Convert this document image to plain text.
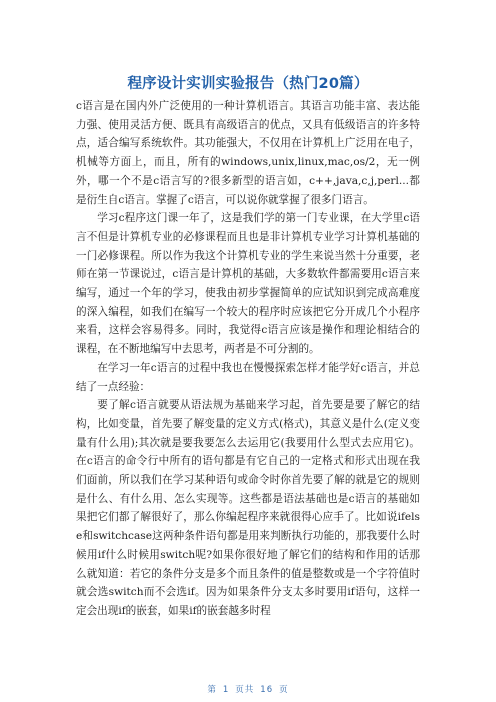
程序设计实训实验报告（热门20篇）

c语言是在国内外广泛使用的一种计算机语言。其语言功能丰富、表达能力强、使用灵活方便、既具有高级语言的优点，又具有低级语言的许多特点，适合编写系统软件。其功能强大，不仅用在计算机上广泛用在电子，机械等方面上，而且，所有的windows,unix,linux,mac,os/2，无一例外，哪一个不是c语言写的?很多新型的语言如，c++,java,c,j,perl...都是衍生自c语言。掌握了c语言，可以说你就掌握了很多门语言。

学习c程序这门课一年了，这是我们学的第一门专业课，在大学里c语言不但是计算机专业的必修课程而且也是非计算机专业学习计算机基础的一门必修课程。所以作为我这个计算机专业的学生来说当然十分重要，老师在第一节课说过，c语言是计算机的基础，大多数软件都需要用c语言来编写，通过一个年的学习，使我由初步掌握简单的应试知识到完成高难度的深入编程，如我们在编写一个较大的程序时应该把它分开成几个小程序来看，这样会容易得多。同时，我觉得c语言应该是操作和理论相结合的课程，在不断地编写中去思考，两者是不可分割的。

在学习一年c语言的过程中我也在慢慢探索怎样才能学好c语言，并总结了一点经验：

要了解c语言就要从语法规为基础来学习起，首先要是要了解它的结构，比如变量，首先要了解变量的定义方式(格式)，其意义是什么(定义变量有什么用);其次就是要我要怎么去运用它(我要用什么型式去应用它)。在c语言的命令行中所有的语句都是有它自己的一定格式和形式出现在我们面前，所以我们在学习某种语句或命令时你首先要了解的就是它的规则是什么、有什么用、怎么实现等。这些都是语法基础也是c语言的基础如果把它们都了解很好了，那么你编起程序来就很得心应手了。比如说ifelse和switchcase这两种条件语句都是用来判断执行功能的，那我要什么时候用if什么时候用switch呢?如果你很好地了解它们的结构和作用的话那么就知道：若它的条件分支是多个而且条件的值是整数或是一个字符值时就会选switch而不会选if。因为如果条件分支太多时要用if语句，这样一定会出现if的嵌套，如果if的嵌套越多时程

第 1 页共 16 页
